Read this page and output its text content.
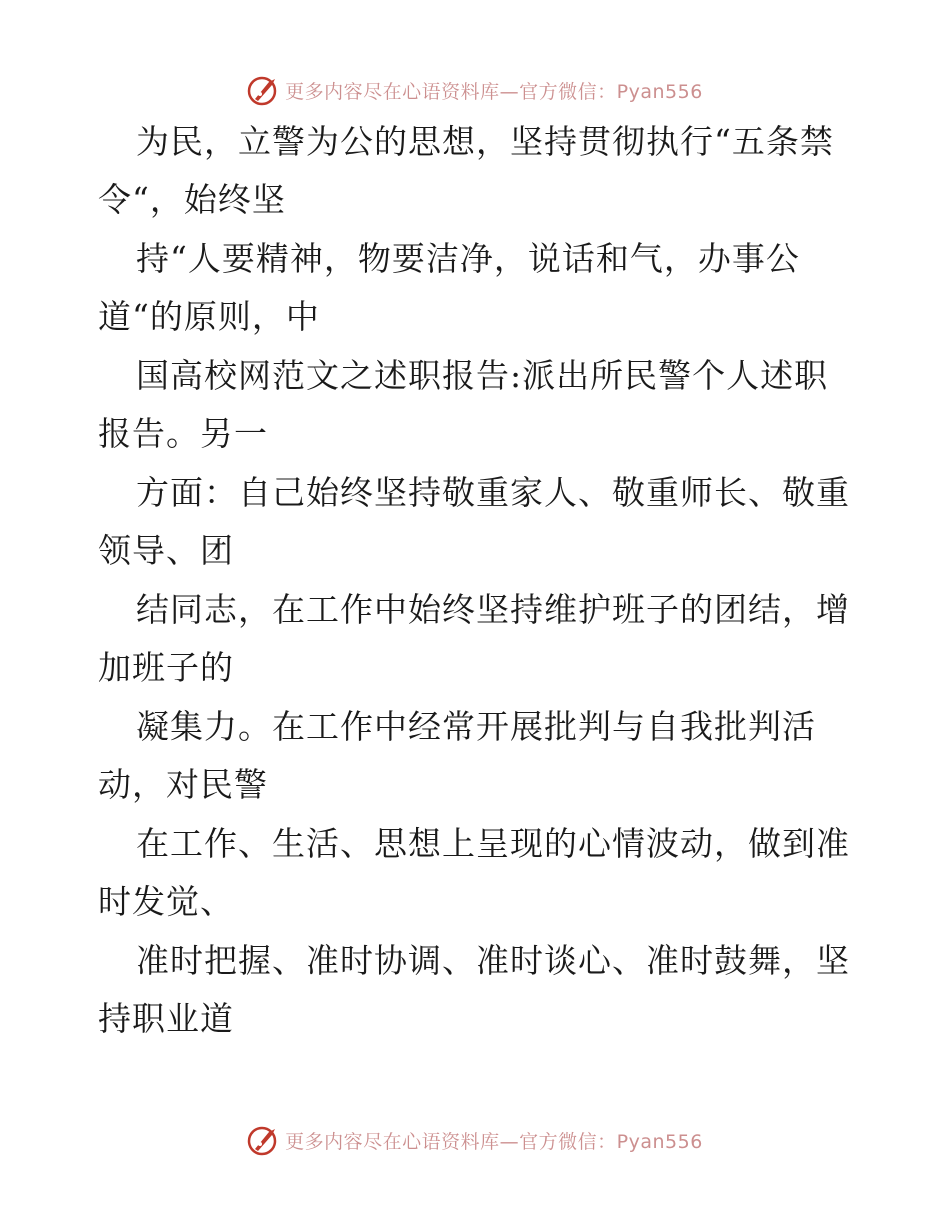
更多内容尽在心语资料库—官方微信：Pyan556
为民，立警为公的思想，坚持贯彻执行“五条禁
令“，始终坚
持“人要精神，物要洁净，说话和气，办事公
道“的原则，中
国高校网范文之述职报告:派出所民警个人述职
报告。另一
方面：自己始终坚持敬重家人、敬重师长、敬重
领导、团
结同志，在工作中始终坚持维护班子的团结，增
加班子的
凝集力。在工作中经常开展批判与自我批判活
动，对民警
在工作、生活、思想上呈现的心情波动，做到准
时发觉、
准时把握、准时协调、准时谈心、准时鼓舞，坚
持职业道
更多内容尽在心语资料库—官方微信：Pyan556
